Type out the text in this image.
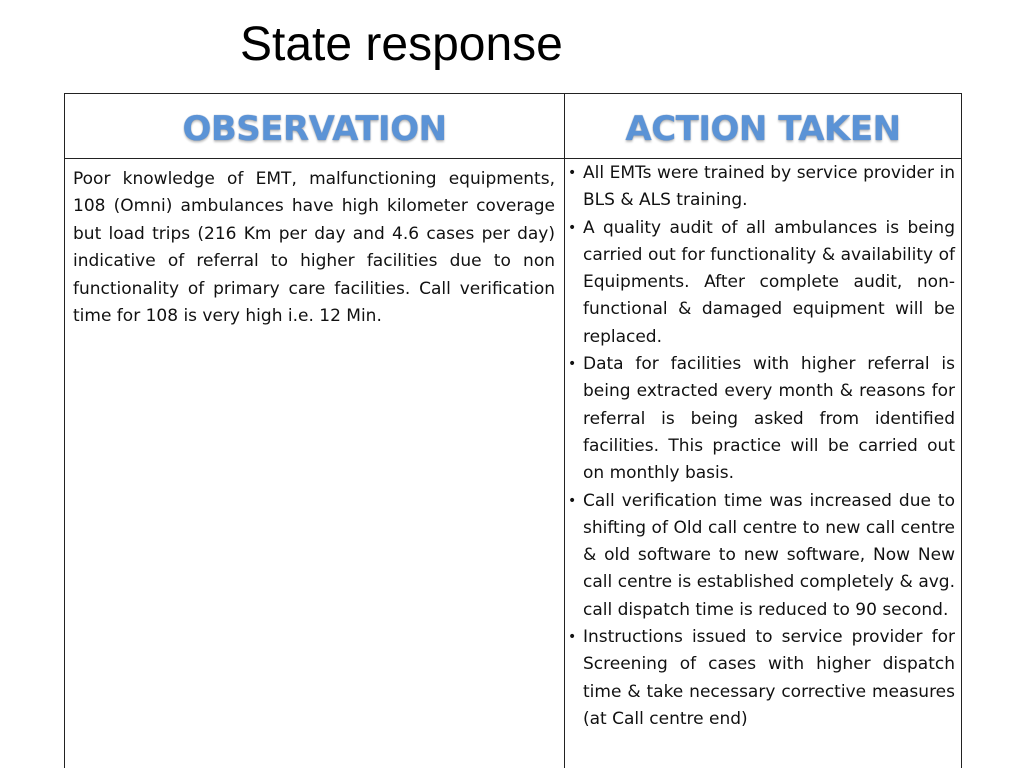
State response
OBSERVATION	ACTION TAKEN

Poor knowledge of EMT, malfunctioning equipments, 108 (Omni) ambulances have high kilometer coverage but load trips (216 Km per day and 4.6 cases per day) indicative of referral to higher facilities due to non functionality of primary care facilities. Call verification time for 108 is very high i.e. 12 Min.

• All EMTs were trained by service provider in BLS & ALS training.
• A quality audit of all ambulances is being carried out for functionality & availability of Equipments. After complete audit, non-functional & damaged equipment will be replaced.
• Data for facilities with higher referral is being extracted every month & reasons for referral is being asked from identified facilities. This practice will be carried out on monthly basis.
• Call verification time was increased due to shifting of Old call centre to new call centre & old software to new software, Now New call centre is established completely & avg. call dispatch time is reduced to 90 second.
• Instructions issued to service provider for Screening of cases with higher dispatch time & take necessary corrective measures (at Call centre end)
